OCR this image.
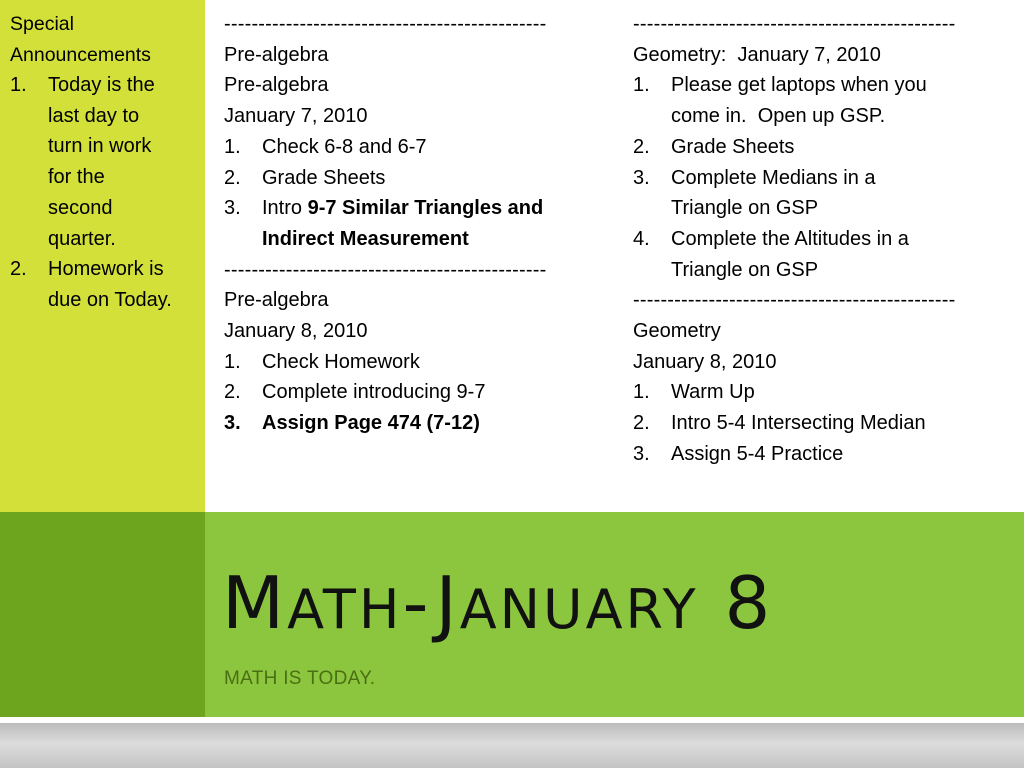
Special Announcements
1. Today is the
last day to
turn in work
for the
second
quarter.
2. Homework is
due on Today.
-----------------------------------------------
Pre-algebra
Pre-algebra
January 7, 2010
1. Check 6-8 and 6-7
2. Grade Sheets
3. Intro 9-7 Similar Triangles and
Indirect Measurement
-----------------------------------------------
Pre-algebra
January 8, 2010
1. Check Homework
2. Complete introducing 9-7
3. Assign Page 474 (7-12)
-----------------------------------------------
Geometry:  January 7, 2010
1. Please get laptops when you
come in.  Open up GSP.
2. Grade Sheets
3. Complete Medians in a
Triangle on GSP
4. Complete the Altitudes in a
Triangle on GSP
-----------------------------------------------
Geometry
January 8, 2010
1. Warm Up
2. Intro 5-4 Intersecting Median
3. Assign 5-4 Practice
MATH-JANUARY 8
MATH IS TODAY.
